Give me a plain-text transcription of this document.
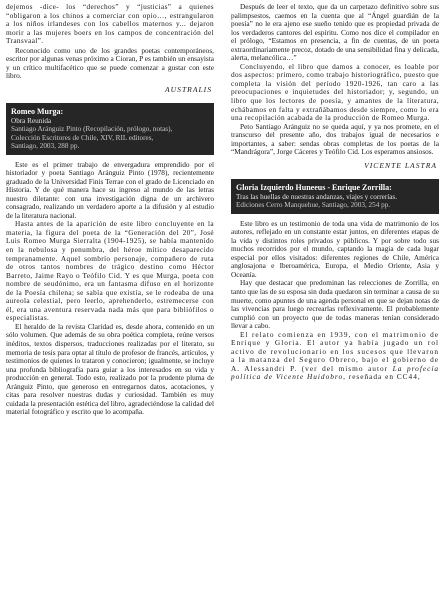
dejemos -dice- los “derechos” y “justicias” a quienes “obligaron a los chinos a comerciar con opio…, estrangularon a los niños irlandeses con los cabellos maternos y... dejaron morir a las mujeres boers en los campos de concentración del Transvaal”.

Reconocido como uno de los grandes poetas contemporáneos, escritor por algunas venas próximo a Cioran, P es también un ensayista y un crítico multifacético que se puede comenzar a gustar con este libro.

AUSTRALIS
Romeo Murga:
Obra Reunida
Santiago Aránguiz Pinto (Recopilación, prólogo, notas),
Colección Escritores de Chile, XIV, RIL editores,
Santiago, 2003, 288 pp.

Este es el primer trabajo de envergadura emprendido por el historiador y poeta Santiago Aránguiz Pinto (1978), recientemente graduado de la Universidad Finis Terrae con el grado de Licenciado en Historia. Y de qué manera hace su ingreso al mundo de las letras nuestro diletante: con una investigación digna de un archivero consagrado, realizando un verdadero aporte a la difusión y al estudio de la literatura nacional.

Hasta antes de la aparición de este libro concluyente en la materia, la figura del poeta de la “Generación del 20”, José Luis Romeo Murga Sierralta (1904-1925), se había mantenido en la nebulosa y penumbra, del héroe mítico desaparecido tempranamente. Aquel sombrío personaje, compañero de ruta de otros tantos nombres de trágico destino como Héctor Barreto, Jaime Rayo o Teófilo Cid. Y es que Murga, poeta con nombre de seudónimo, era un fantasma difuso en el horizonte de la Poesía chilena; se sabía que existía, se le rodeaba de una aureola celestial, pero leerlo, aprehenderlo, estremecerse con él, era una aventura reservada nada más que para bibliófilos o especialistas.

El heraldo de la revista Claridad es, desde ahora, contenido en un sólo volumen. Que además de su obra poética completa, reúne versos inéditos, textos dispersos, traducciones realizadas por el literato, su memoria de tesis para optar al título de profesor de francés, artículos, y testimonios de quienes lo trataron y conocieron; igualmente, se incluye una profunda bibliografía para guiar a los interesados en su vida y producción en general. Todo esto, realizado por la prudente pluma de Aránguiz Pinto, que generoso en entregarnos datos, acotaciones, y citas para resolver nuestras dudas y curiosidad. También es muy cuidada la presentación estética del libro, agradeciéndose la calidad del material fotográfico y escrito que lo acompaña.

Después de leer el texto, que da un carpetazo definitivo sobre sus palimpsestos, caemos en la cuenta que al “Ángel guardián de la poesía” no le era ajeno ese sueño tenido que es propiedad privada de los verdaderos cantores del espíritu. Como nos dice el compilador en el prólogo, “Estamos en presencia, a fin de cuentas, de un poeta extraordinariamente precoz, dotado de una sensibilidad fina y delicada, alerta, melancólica…”

Concluyendo, el libro que damos a conocer, es loable por dos aspectos: primero, como trabajo historiográfico, puesto que completa la visión del período 1920-1926, tan caro a las preocupaciones e inquietudes del historiador; y, segundo, un libro que los lectores de poesía, y amantes de la literatura, echábamos en falta y extrañábamos desde siempre, como lo era una recopilación acabada de la producción de Romeo Murga.

Peto Santiago Aránguiz no se queda aquí, y ya nos promete, en el transcurso del presente año, dos trabajos igual de necesarios e importantes, a saber: sendas obras completas de los poetas de la “Mandrágora”, Jorge Cáceres y Teófilo Cid. Los esperamos ansiosos.

VICENTE LASTRA
Gloria Izquierdo Huneeus - Enrique Zorrilla:
Tras las huellas de nuestras andanzas, viajes y correrías.
Ediciones Cerro Manquehue, Santiago, 2003, 254 pp.

Este libro es un testimonio de toda una vida de matrimonio de los autores, reflejado en un constante estar juntos, en diferentes etapas de la vida y distintos roles privados y públicos. Y por sobre todo sus muchos recorridos por el mundo, captando la magia de cada lugar especial por ellos visitados: diferentes regiones de Chile, América anglosajona e Iberoamérica, Europa, el Medio Oriente, Asia y Oceanía.

Hay que destacar que predominan las relecciones de Zorrilla, en tanto que las de su esposa sin duda quedaron sin terminar a causa de su muerte, como apuntes de una agenda personal en que se dejan notas de las vivencias para luego recrearlas reflexivamente. El probablemente cumplió con un proyecto que de todas maneras tenían considerado llevar a cabo.

El relato comienza en 1939, con el matrimonio de Enrique y Gloria. El autor ya había jugado un rol activo de revolucionario en los sucesos que llevaron a la matanza del Seguro Obrero, bajo el gobierno de A. Alessandri P. (ver del mismo autor La profecía política de Vicente Huidobro, reseñada en CC44,
